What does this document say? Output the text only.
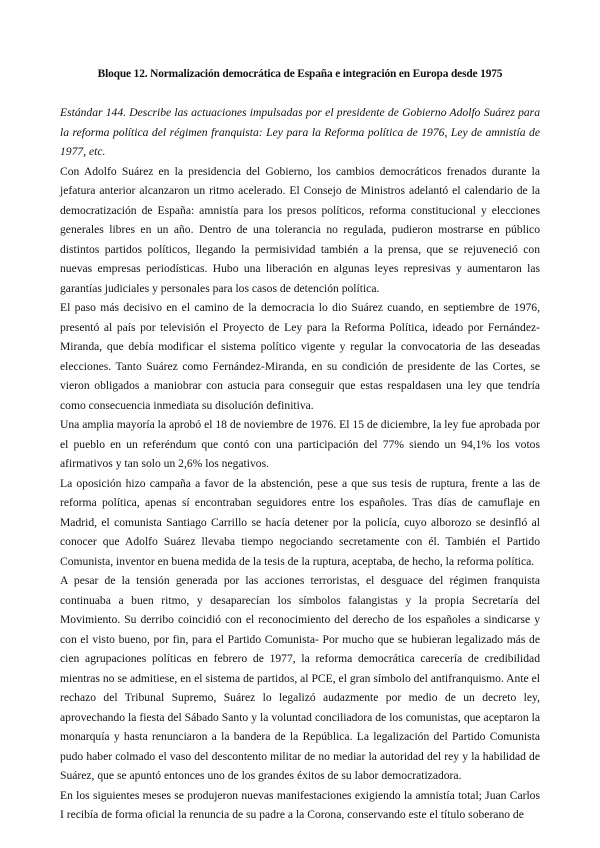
Bloque 12. Normalización democrática de España e integración en Europa desde 1975

Estándar 144. Describe las actuaciones impulsadas por el presidente de Gobierno Adolfo Suárez para la reforma política del régimen franquista: Ley para la Reforma política de 1976, Ley de amnistía de 1977, etc.

Con Adolfo Suárez en la presidencia del Gobierno, los cambios democráticos frenados durante la jefatura anterior alcanzaron un ritmo acelerado. El Consejo de Ministros adelantó el calendario de la democratización de España: amnistía para los presos políticos, reforma constitucional y elecciones generales libres en un año. Dentro de una tolerancia no regulada, pudieron mostrarse en público distintos partidos políticos, llegando la permisividad también a la prensa, que se rejuveneció con nuevas empresas periodísticas. Hubo una liberación en algunas leyes represivas y aumentaron las garantías judiciales y personales para los casos de detención política.

El paso más decisivo en el camino de la democracia lo dio Suárez cuando, en septiembre de 1976, presentó al país por televisión el Proyecto de Ley para la Reforma Política, ideado por Fernández-Miranda, que debía modificar el sistema político vigente y regular la convocatoria de las deseadas elecciones. Tanto Suárez como Fernández-Miranda, en su condición de presidente de las Cortes, se vieron obligados a maniobrar con astucia para conseguir que estas respaldasen una ley que tendría como consecuencia inmediata su disolución definitiva.

Una amplia mayoría la aprobó el 18 de noviembre de 1976. El 15 de diciembre, la ley fue aprobada por el pueblo en un referéndum que contó con una participación del 77% siendo un 94,1% los votos afirmativos y tan solo un 2,6% los negativos.

La oposición hizo campaña a favor de la abstención, pese a que sus tesis de ruptura, frente a las de reforma política, apenas sí encontraban seguidores entre los españoles. Tras días de camuflaje en Madrid, el comunista Santiago Carrillo se hacía detener por la policía, cuyo alborozo se desinfló al conocer que Adolfo Suárez llevaba tiempo negociando secretamente con él. También el Partido Comunista, inventor en buena medida de la tesis de la ruptura, aceptaba, de hecho, la reforma política.

A pesar de la tensión generada por las acciones terroristas, el desguace del régimen franquista continuaba a buen ritmo, y desaparecían los símbolos falangistas y la propia Secretaría del Movimiento. Su derribo coincidió con el reconocimiento del derecho de los españoles a sindicarse y con el visto bueno, por fin, para el Partido Comunista- Por mucho que se hubieran legalizado más de cien agrupaciones políticas en febrero de 1977, la reforma democrática carecería de credibilidad mientras no se admitiese, en el sistema de partidos, al PCE, el gran símbolo del antifranquismo. Ante el rechazo del Tribunal Supremo, Suárez lo legalizó audazmente por medio de un decreto ley, aprovechando la fiesta del Sábado Santo y la voluntad conciliadora de los comunistas, que aceptaron la monarquía y hasta renunciaron a la bandera de la República. La legalización del Partido Comunista pudo haber colmado el vaso del descontento militar de no mediar la autoridad del rey y la habilidad de Suárez, que se apuntó entonces uno de los grandes éxitos de su labor democratizadora.

En los siguientes meses se produjeron nuevas manifestaciones exigiendo la amnistía total; Juan Carlos I recibía de forma oficial la renuncia de su padre a la Corona, conservando este el título soberano de
